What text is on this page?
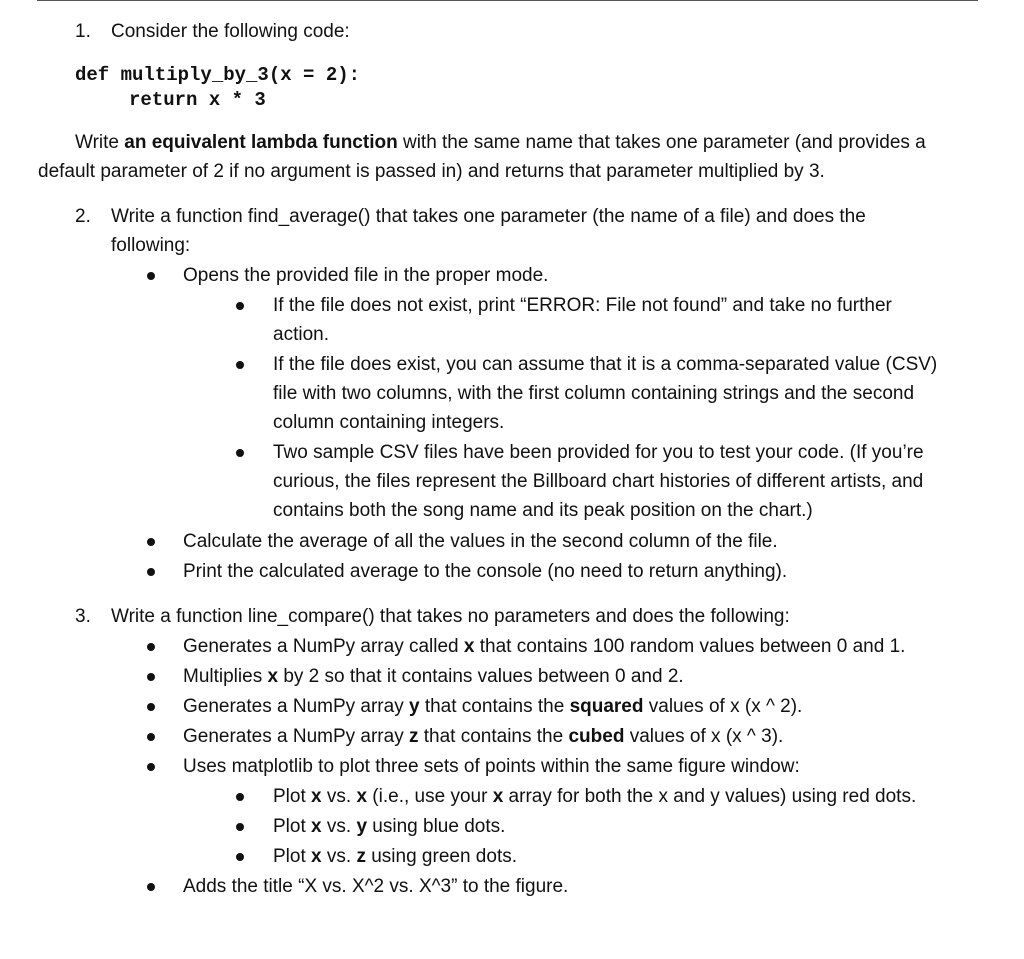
1. Consider the following code:
def multiply_by_3(x = 2):
return x * 3
Write an equivalent lambda function with the same name that takes one parameter (and provides a
default parameter of 2 if no argument is passed in) and returns that parameter multiplied by 3.
2. Write a function find_average() that takes one parameter (the name of a file) and does the
following:
Opens the provided file in the proper mode.
If the file does not exist, print “ERROR: File not found” and take no further
action.
If the file does exist, you can assume that it is a comma-separated value (CSV)
file with two columns, with the first column containing strings and the second
column containing integers.
Two sample CSV files have been provided for you to test your code. (If you’re
curious, the files represent the Billboard chart histories of different artists, and
contains both the song name and its peak position on the chart.)
Calculate the average of all the values in the second column of the file.
Print the calculated average to the console (no need to return anything).
3. Write a function line_compare() that takes no parameters and does the following:
Generates a NumPy array called x that contains 100 random values between 0 and 1.
Multiplies x by 2 so that it contains values between 0 and 2.
Generates a NumPy array y that contains the squared values of x (x ^ 2).
Generates a NumPy array z that contains the cubed values of x (x ^ 3).
Uses matplotlib to plot three sets of points within the same figure window:
Plot x vs. x (i.e., use your x array for both the x and y values) using red dots.
Plot x vs. y using blue dots.
Plot x vs. z using green dots.
Adds the title “X vs. X^2 vs. X^3” to the figure.
